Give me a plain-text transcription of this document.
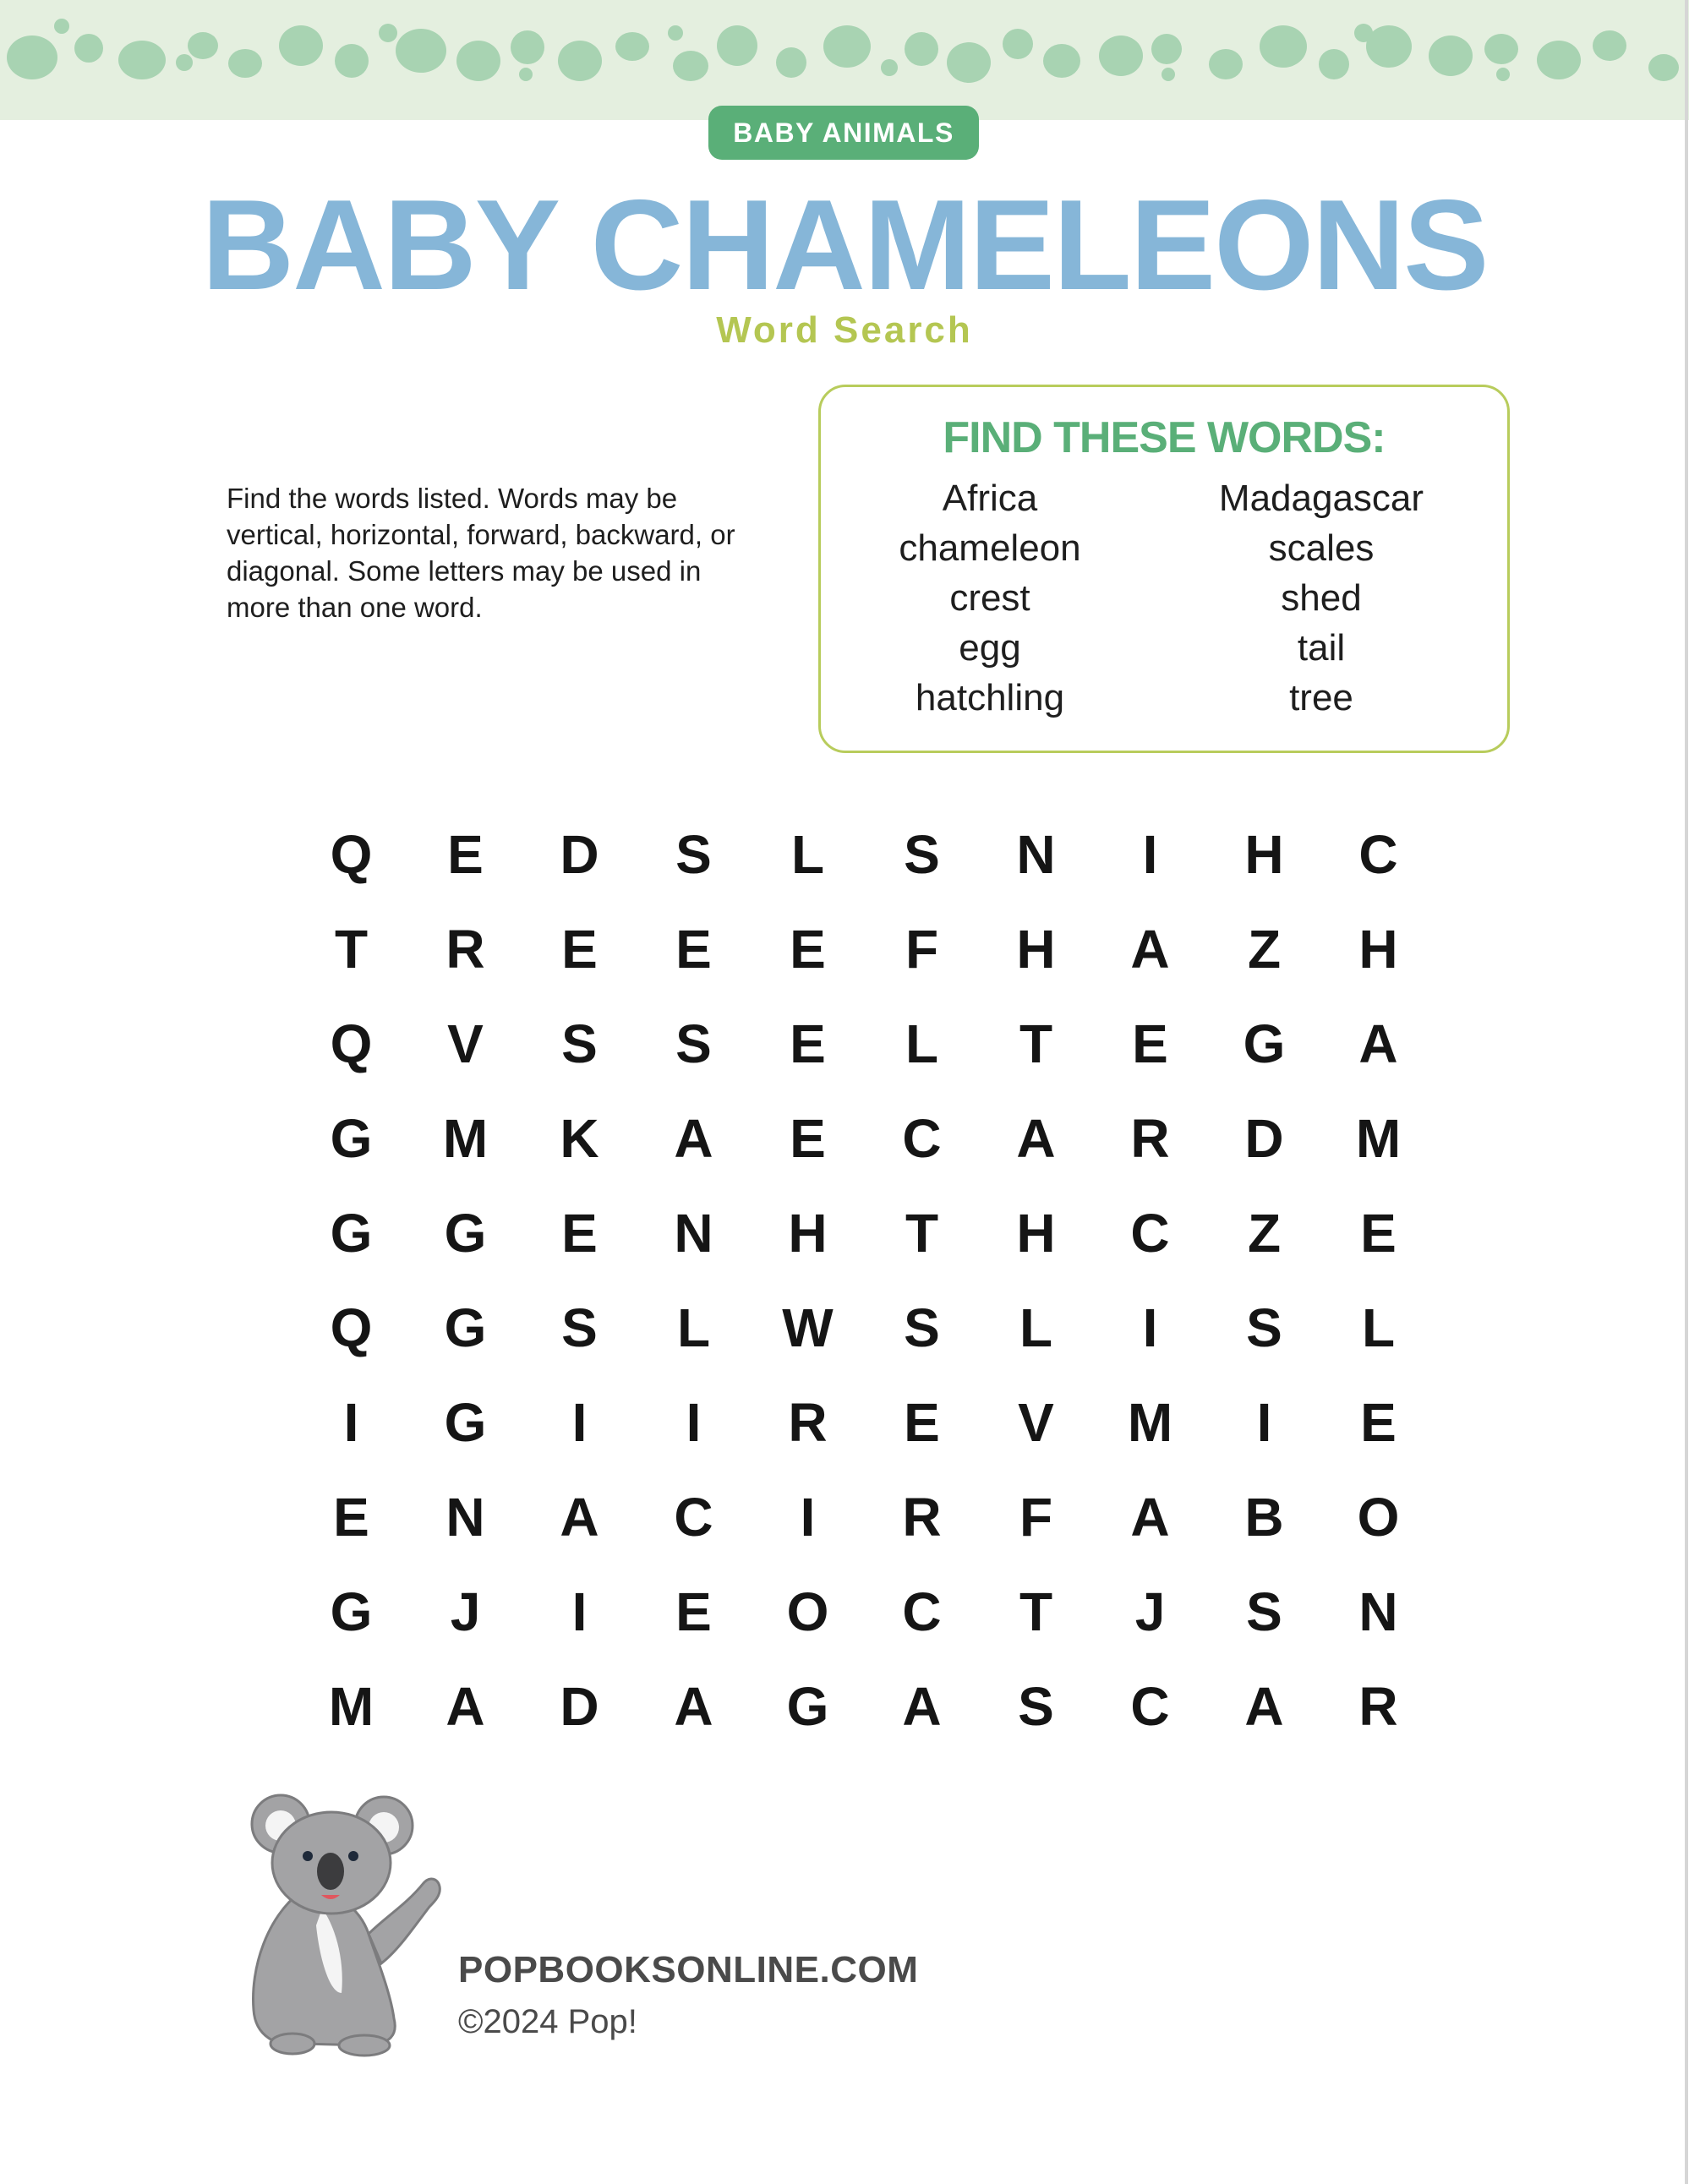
BABY ANIMALS
BABY CHAMELEONS
Word Search
Find the words listed. Words may be vertical, horizontal, forward, backward, or diagonal. Some letters may be used in more than one word.
FIND THESE WORDS:
Africa
chameleon
crest
egg
hatchling
Madagascar
scales
shed
tail
tree
Q	E	D	S	L	S	N	I	H	C
T	R	E	E	E	F	H	A	Z	H
Q	V	S	S	E	L	T	E	G	A
G	M	K	A	E	C	A	R	D	M
G	G	E	N	H	T	H	C	Z	E
Q	G	S	L	W	S	L	I	S	L
I	G	I	I	R	E	V	M	I	E
E	N	A	C	I	R	F	A	B	O
G	J	I	E	O	C	T	J	S	N
M	A	D	A	G	A	S	C	A	R
POPBOOKSONLINE.COM
©2024 Pop!
